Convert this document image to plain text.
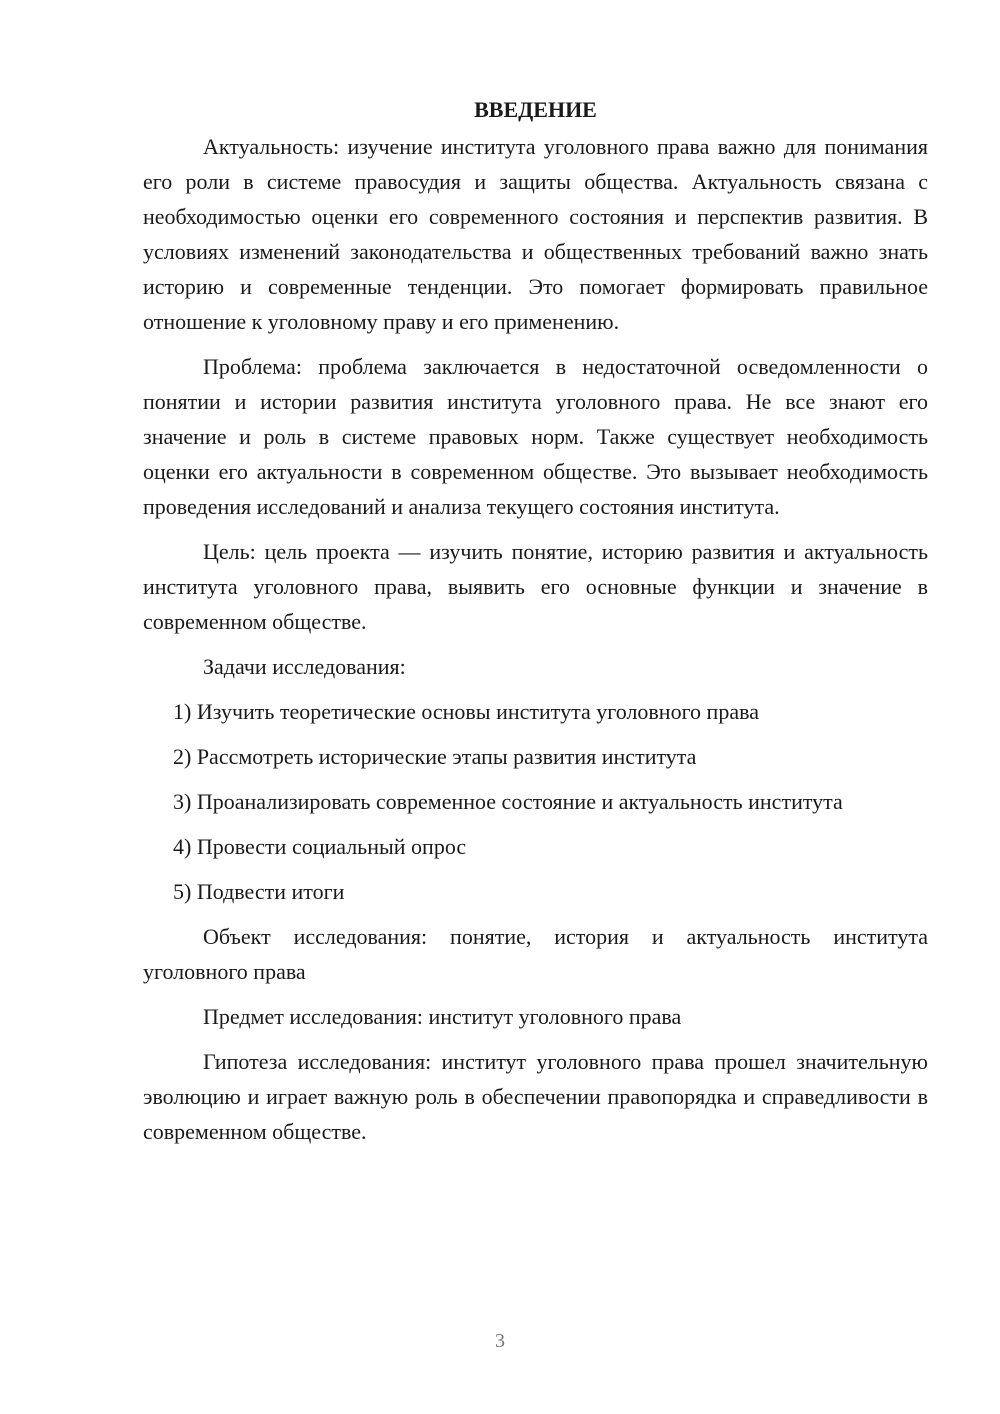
ВВЕДЕНИЕ

Актуальность: изучение института уголовного права важно для понимания его роли в системе правосудия и защиты общества. Актуальность связана с необходимостью оценки его современного состояния и перспектив развития. В условиях изменений законодательства и общественных требований важно знать историю и современные тенденции. Это помогает формировать правильное отношение к уголовному праву и его применению.

Проблема: проблема заключается в недостаточной осведомленности о понятии и истории развития института уголовного права. Не все знают его значение и роль в системе правовых норм. Также существует необходимость оценки его актуальности в современном обществе. Это вызывает необходимость проведения исследований и анализа текущего состояния института.

Цель: цель проекта — изучить понятие, историю развития и актуальность института уголовного права, выявить его основные функции и значение в современном обществе.

Задачи исследования:

1) Изучить теоретические основы института уголовного права

2) Рассмотреть исторические этапы развития института

3) Проанализировать современное состояние и актуальность института

4) Провести социальный опрос

5) Подвести итоги

Объект исследования: понятие, история и актуальность института уголовного права

Предмет исследования: институт уголовного права

Гипотеза исследования: институт уголовного права прошел значительную эволюцию и играет важную роль в обеспечении правопорядка и справедливости в современном обществе.

3
